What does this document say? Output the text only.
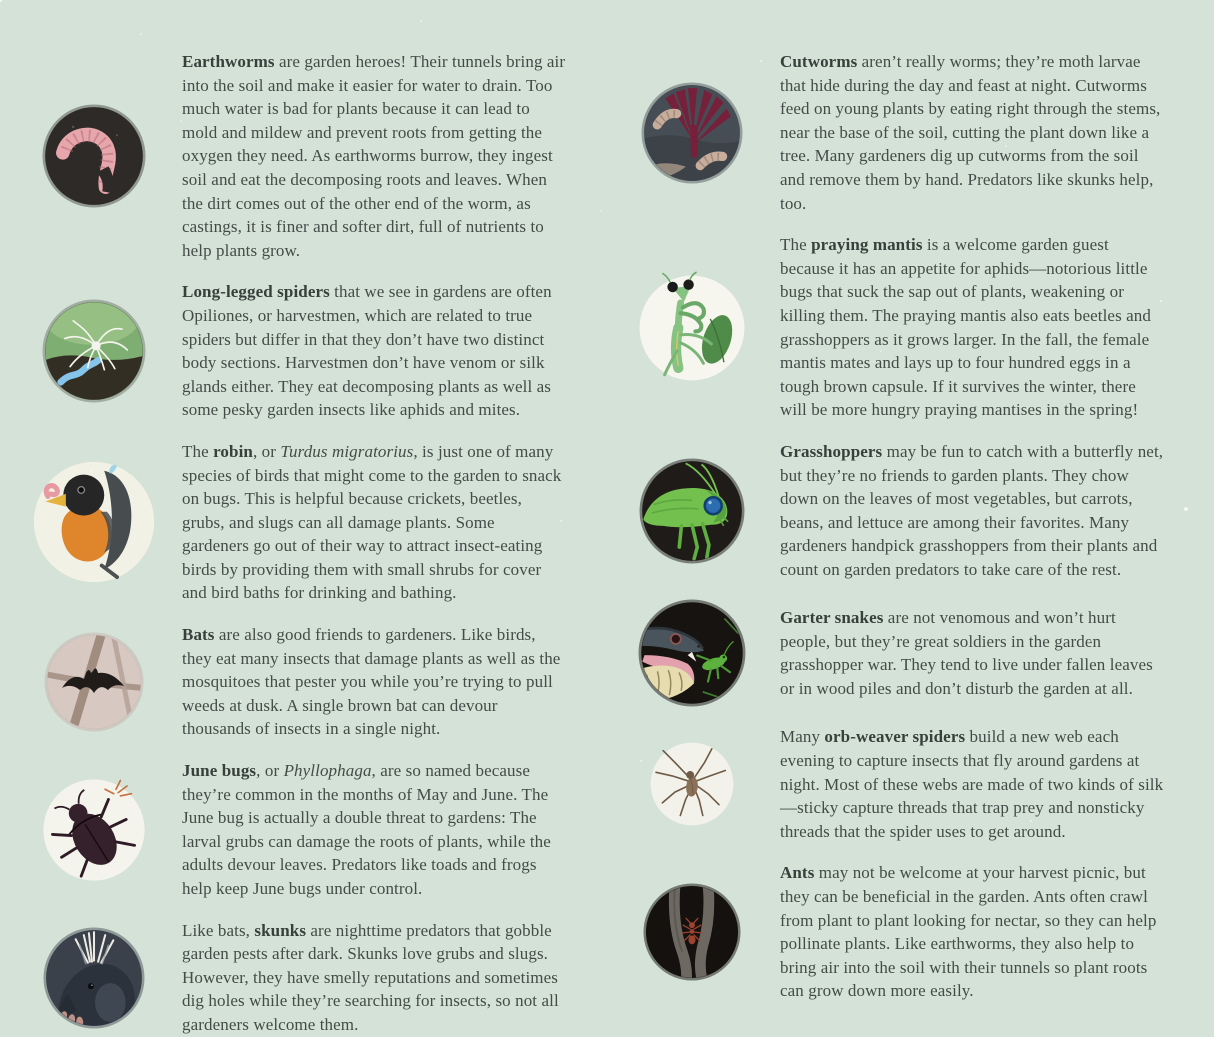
Earthworms are garden heroes! Their tunnels bring air into the soil and make it easier for water to drain. Too much water is bad for plants because it can lead to mold and mildew and prevent roots from getting the oxygen they need. As earthworms burrow, they ingest soil and eat the decomposing roots and leaves. When the dirt comes out of the other end of the worm, as castings, it is finer and softer dirt, full of nutrients to help plants grow.

Long-legged spiders that we see in gardens are often Opiliones, or harvestmen, which are related to true spiders but differ in that they don’t have two distinct body sections. Harvestmen don’t have venom or silk glands either. They eat decomposing plants as well as some pesky garden insects like aphids and mites.

The robin, or Turdus migratorius, is just one of many species of birds that might come to the garden to snack on bugs. This is helpful because crickets, beetles, grubs, and slugs can all damage plants. Some gardeners go out of their way to attract insect-eating birds by providing them with small shrubs for cover and bird baths for drinking and bathing.

Bats are also good friends to gardeners. Like birds, they eat many insects that damage plants as well as the mosquitoes that pester you while you’re trying to pull weeds at dusk. A single brown bat can devour thousands of insects in a single night.

June bugs, or Phyllophaga, are so named because they’re common in the months of May and June. The June bug is actually a double threat to gardens: The larval grubs can damage the roots of plants, while the adults devour leaves. Predators like toads and frogs help keep June bugs under control.

Like bats, skunks are nighttime predators that gobble garden pests after dark. Skunks love grubs and slugs. However, they have smelly reputations and sometimes dig holes while they’re searching for insects, so not all gardeners welcome them.

Cutworms aren’t really worms; they’re moth larvae that hide during the day and feast at night. Cutworms feed on young plants by eating right through the stems, near the base of the soil, cutting the plant down like a tree. Many gardeners dig up cutworms from the soil and remove them by hand. Predators like skunks help, too.

The praying mantis is a welcome garden guest because it has an appetite for aphids—notorious little bugs that suck the sap out of plants, weakening or killing them. The praying mantis also eats beetles and grasshoppers as it grows larger. In the fall, the female mantis mates and lays up to four hundred eggs in a tough brown capsule. If it survives the winter, there will be more hungry praying mantises in the spring!

Grasshoppers may be fun to catch with a butterfly net, but they’re no friends to garden plants. They chow down on the leaves of most vegetables, but carrots, beans, and lettuce are among their favorites. Many gardeners handpick grasshoppers from their plants and count on garden predators to take care of the rest.

Garter snakes are not venomous and won’t hurt people, but they’re great soldiers in the garden grasshopper war. They tend to live under fallen leaves or in wood piles and don’t disturb the garden at all.

Many orb-weaver spiders build a new web each evening to capture insects that fly around gardens at night. Most of these webs are made of two kinds of silk—sticky capture threads that trap prey and nonsticky threads that the spider uses to get around.

Ants may not be welcome at your harvest picnic, but they can be beneficial in the garden. Ants often crawl from plant to plant looking for nectar, so they can help pollinate plants. Like earthworms, they also help to bring air into the soil with their tunnels so plant roots can grow down more easily.
